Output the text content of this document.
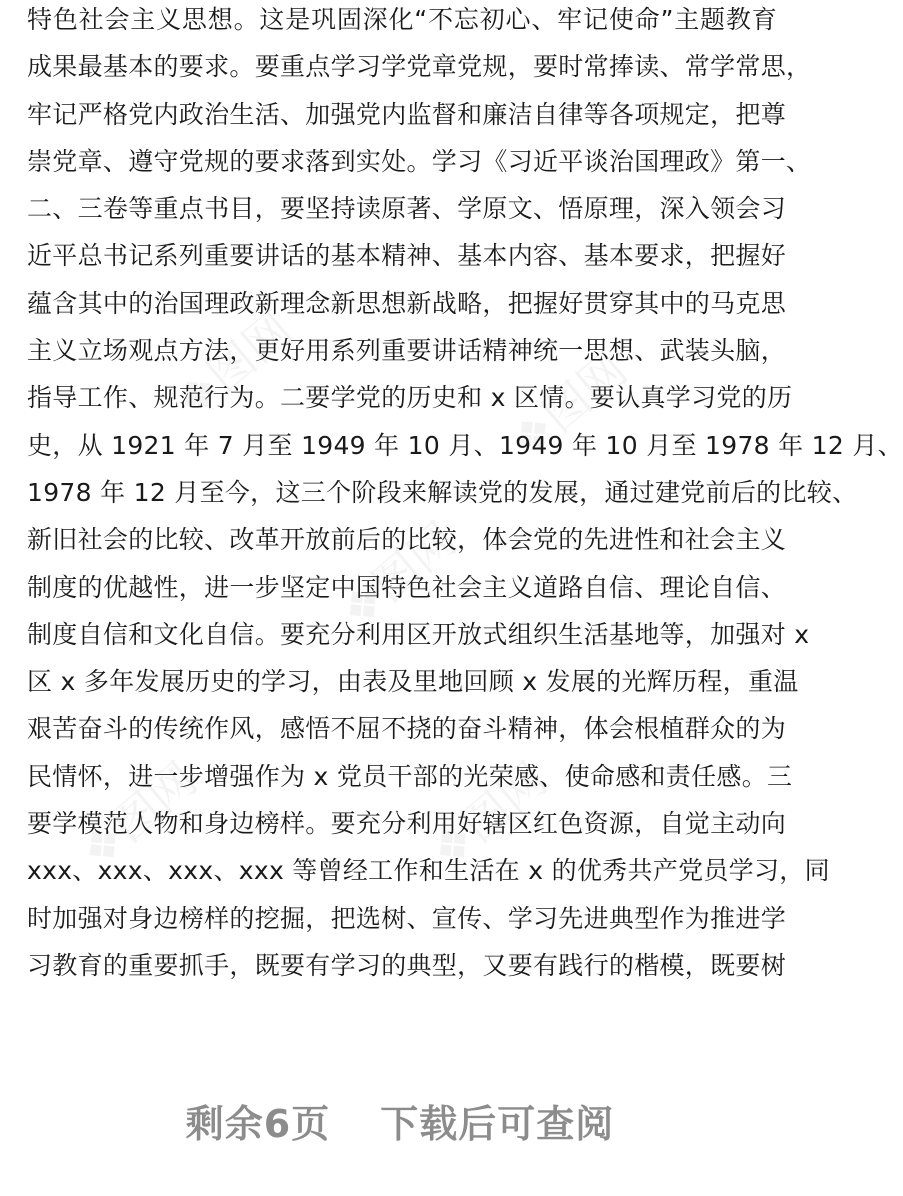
❖图网	❖图网
❖图网
❖图网	❖图网
特色社会主义思想。这是巩固深化“不忘初心、牢记使命”主题教育
成果最基本的要求。要重点学习学党章党规，要时常捧读、常学常思，
牢记严格党内政治生活、加强党内监督和廉洁自律等各项规定，把尊
崇党章、遵守党规的要求落到实处。学习《习近平谈治国理政》第一、
二、三卷等重点书目，要坚持读原著、学原文、悟原理，深入领会习
近平总书记系列重要讲话的基本精神、基本内容、基本要求，把握好
蕴含其中的治国理政新理念新思想新战略，把握好贯穿其中的马克思
主义立场观点方法，更好用系列重要讲话精神统一思想、武装头脑，
指导工作、规范行为。二要学党的历史和 x 区情。要认真学习党的历
史，从 1921 年 7 月至 1949 年 10 月、1949 年 10 月至 1978 年 12 月、
1978 年 12 月至今，这三个阶段来解读党的发展，通过建党前后的比较、
新旧社会的比较、改革开放前后的比较，体会党的先进性和社会主义
制度的优越性，进一步坚定中国特色社会主义道路自信、理论自信、
制度自信和文化自信。要充分利用区开放式组织生活基地等，加强对 x
区 x 多年发展历史的学习，由表及里地回顾 x 发展的光辉历程，重温
艰苦奋斗的传统作风，感悟不屈不挠的奋斗精神，体会根植群众的为
民情怀，进一步增强作为 x 党员干部的光荣感、使命感和责任感。三
要学模范人物和身边榜样。要充分利用好辖区红色资源，自觉主动向
xxx、xxx、xxx、xxx 等曾经工作和生活在 x 的优秀共产党员学习，同
时加强对身边榜样的挖掘，把选树、宣传、学习先进典型作为推进学
习教育的重要抓手，既要有学习的典型，又要有践行的楷模，既要树
剩余6页 下载后可查阅
